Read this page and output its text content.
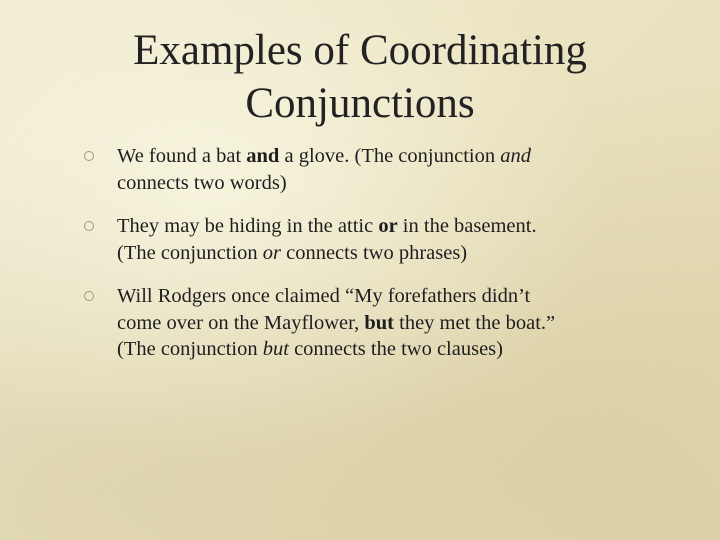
Examples of Coordinating
Conjunctions
We found a bat and a glove. (The conjunction and
connects two words)
They may be hiding in the attic or in the basement.
(The conjunction or connects two phrases)
Will Rodgers once claimed “My forefathers didn’t
come over on the Mayflower, but they met the boat.”
(The conjunction but connects the two clauses)
